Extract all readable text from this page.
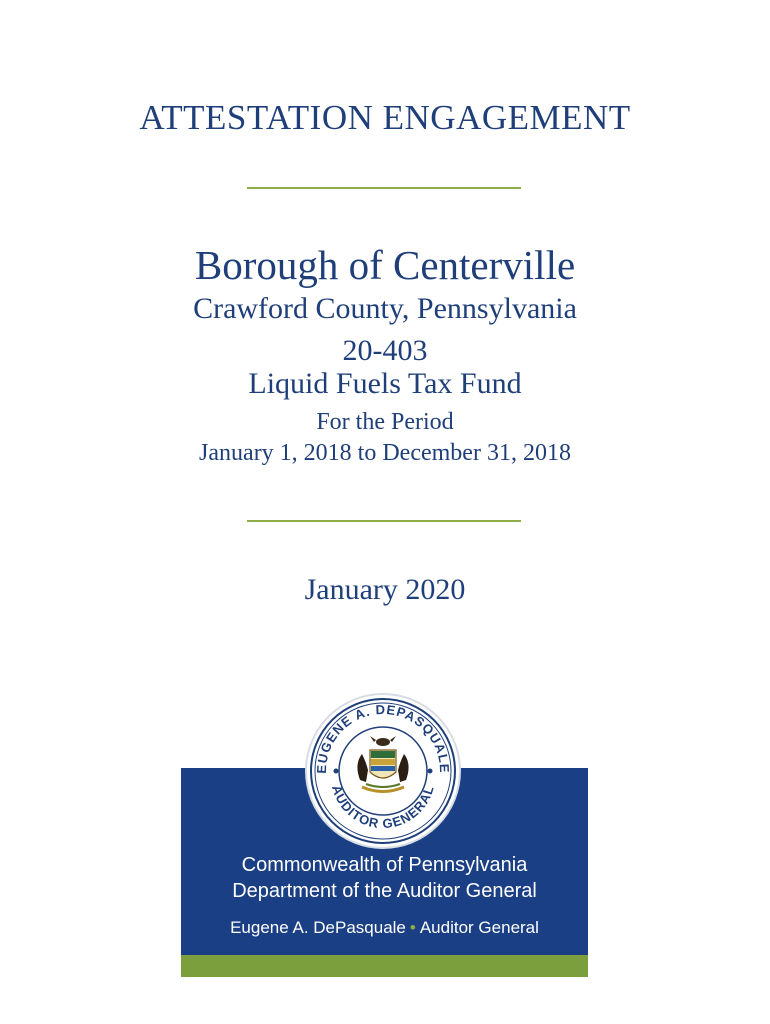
ATTESTATION ENGAGEMENT
Borough of Centerville
Crawford County, Pennsylvania
20-403
Liquid Fuels Tax Fund
For the Period
January 1, 2018 to December 31, 2018
January 2020
Commonwealth of Pennsylvania
Department of the Auditor General
Eugene A. DePasquale • Auditor General
EUGENE A. DEPASQUALE
AUDITOR GENERAL
